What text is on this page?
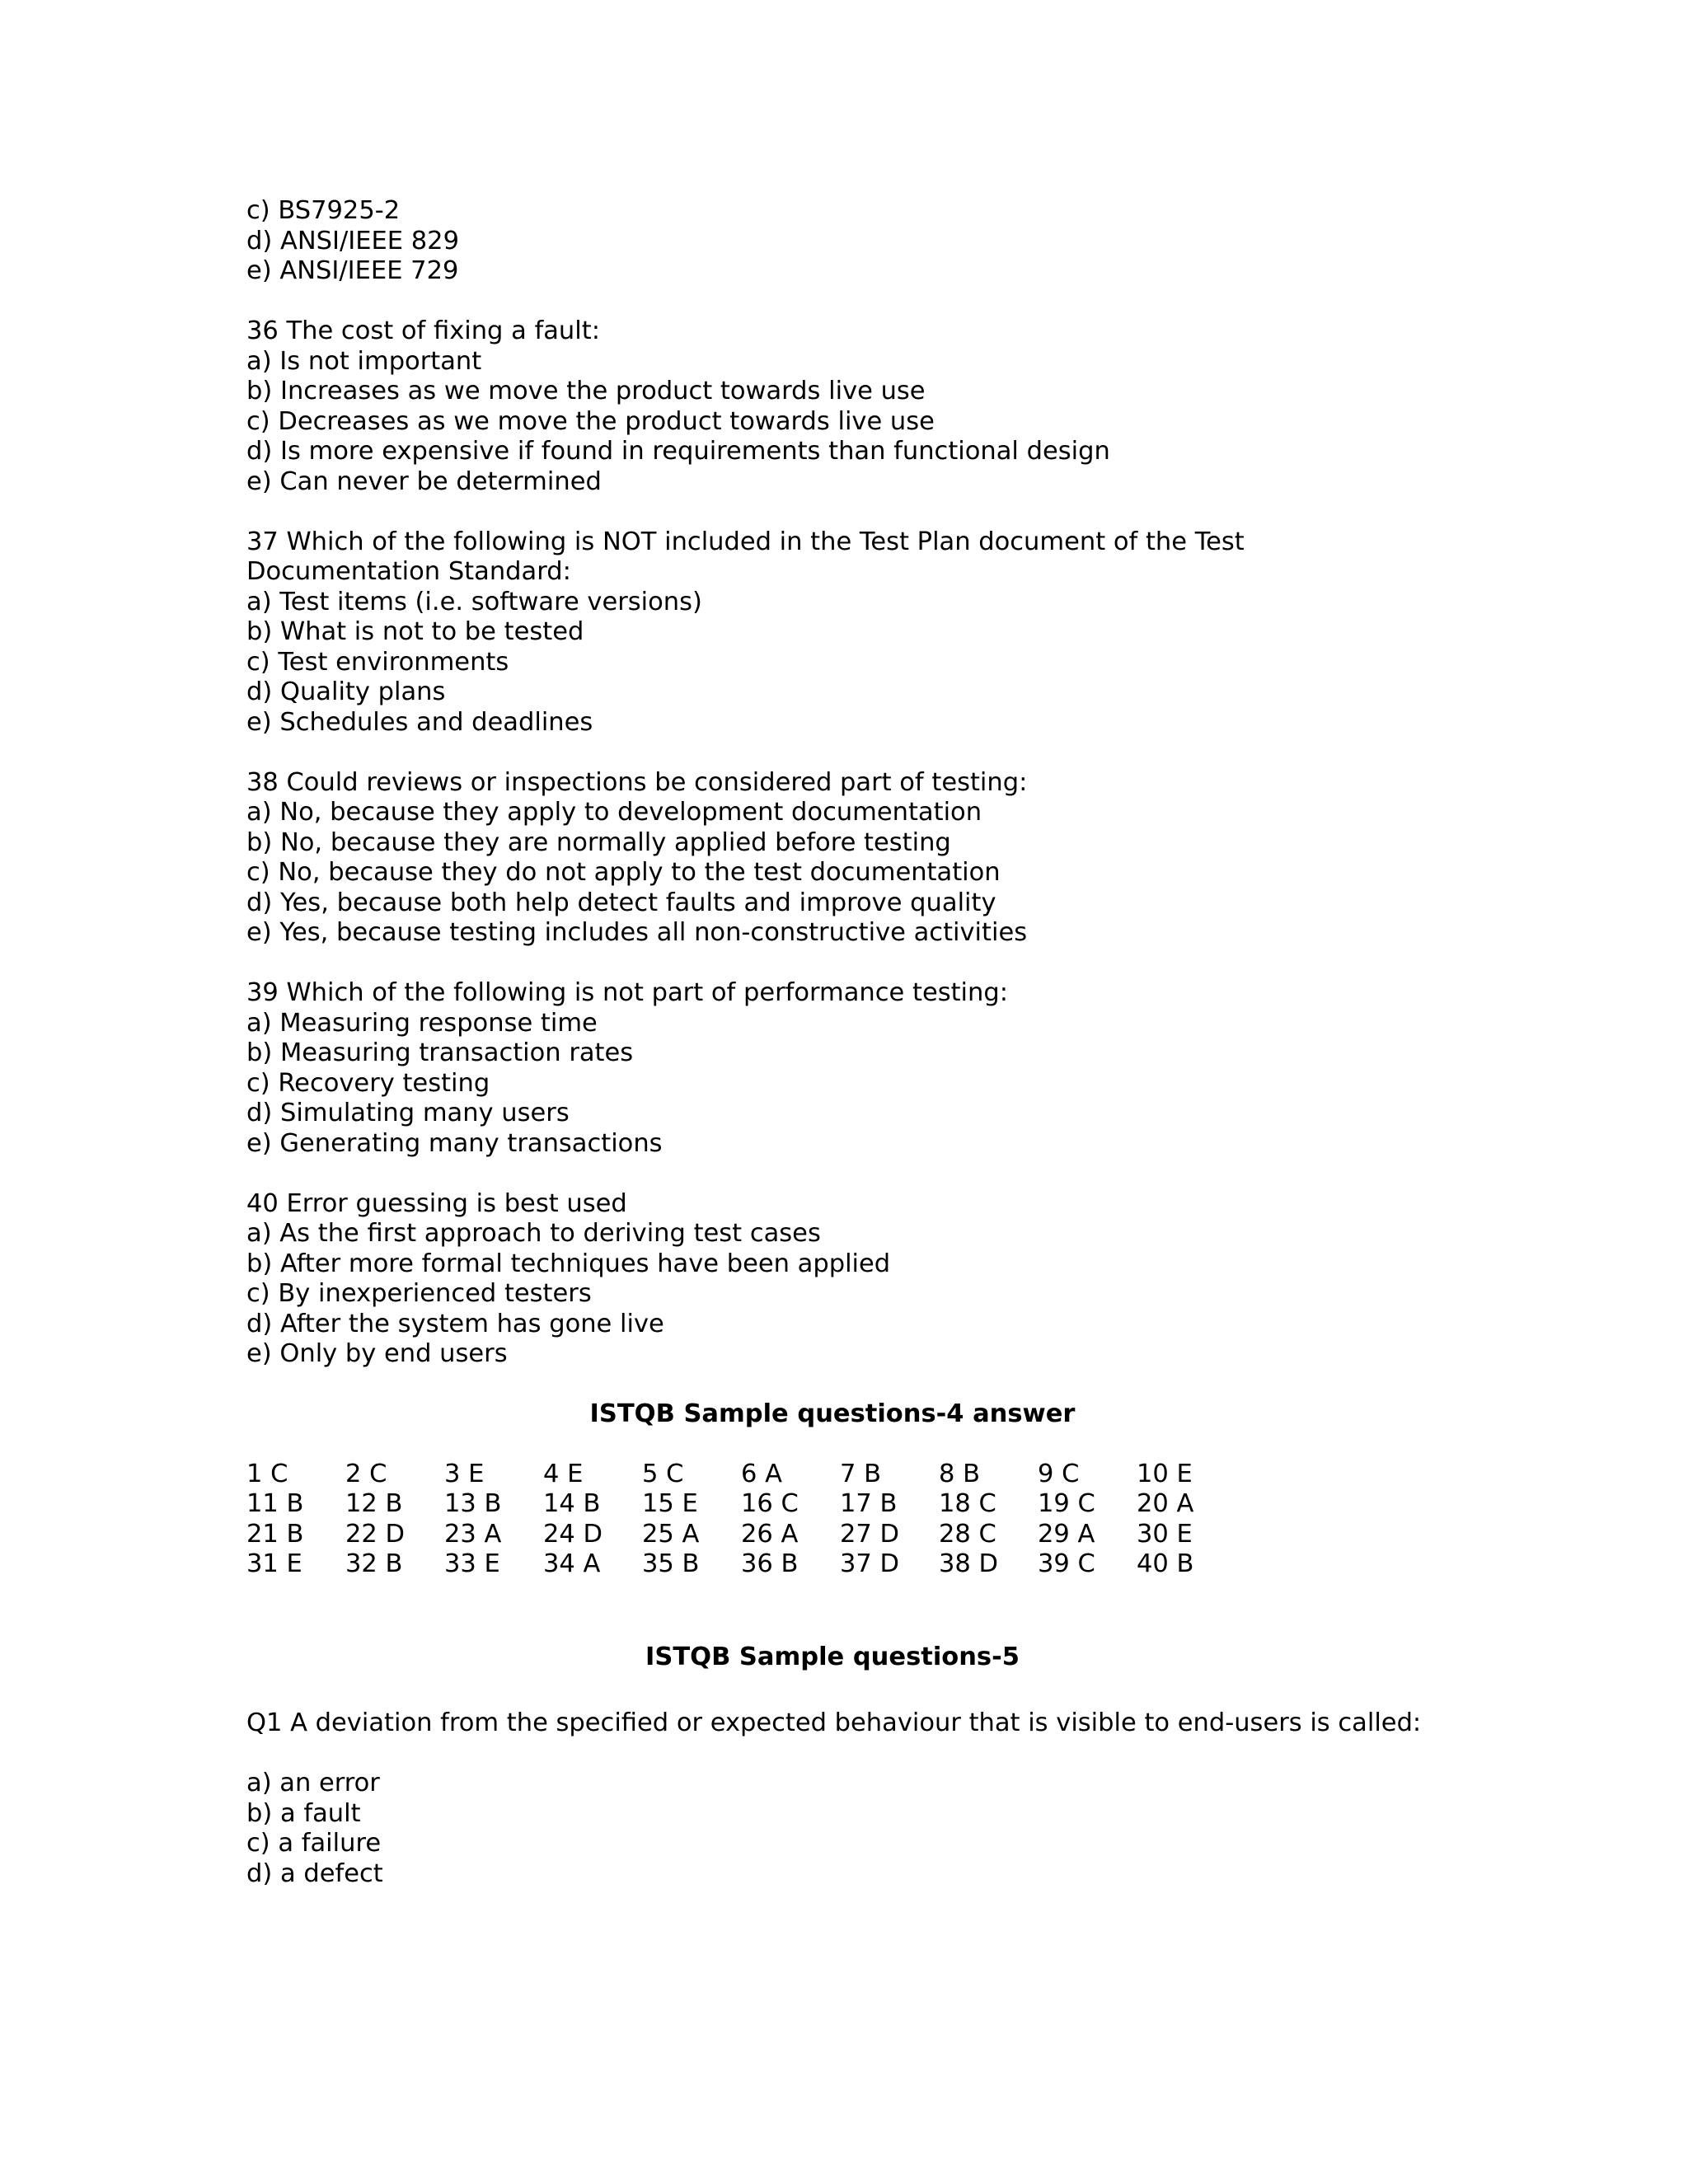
c) BS7925-2
d) ANSI/IEEE 829
e) ANSI/IEEE 729
36 The cost of fixing a fault:
a) Is not important
b) Increases as we move the product towards live use
c) Decreases as we move the product towards live use
d) Is more expensive if found in requirements than functional design
e) Can never be determined
37 Which of the following is NOT included in the Test Plan document of the Test
Documentation Standard:
a) Test items (i.e. software versions)
b) What is not to be tested
c) Test environments
d) Quality plans
e) Schedules and deadlines
38 Could reviews or inspections be considered part of testing:
a) No, because they apply to development documentation
b) No, because they are normally applied before testing
c) No, because they do not apply to the test documentation
d) Yes, because both help detect faults and improve quality
e) Yes, because testing includes all non-constructive activities
39 Which of the following is not part of performance testing:
a) Measuring response time
b) Measuring transaction rates
c) Recovery testing
d) Simulating many users
e) Generating many transactions
40 Error guessing is best used
a) As the first approach to deriving test cases
b) After more formal techniques have been applied
c) By inexperienced testers
d) After the system has gone live
e) Only by end users
ISTQB Sample questions-4 answer
1 C	2 C	3 E	4 E	5 C	6 A	7 B	8 B	9 C	10 E
11 B	12 B	13 B	14 B	15 E	16 C	17 B	18 C	19 C	20 A
21 B	22 D	23 A	24 D	25 A	26 A	27 D	28 C	29 A	30 E
31 E	32 B	33 E	34 A	35 B	36 B	37 D	38 D	39 C	40 B
ISTQB Sample questions-5
Q1 A deviation from the specified or expected behaviour that is visible to end-users is called:
a) an error
b) a fault
c) a failure
d) a defect
